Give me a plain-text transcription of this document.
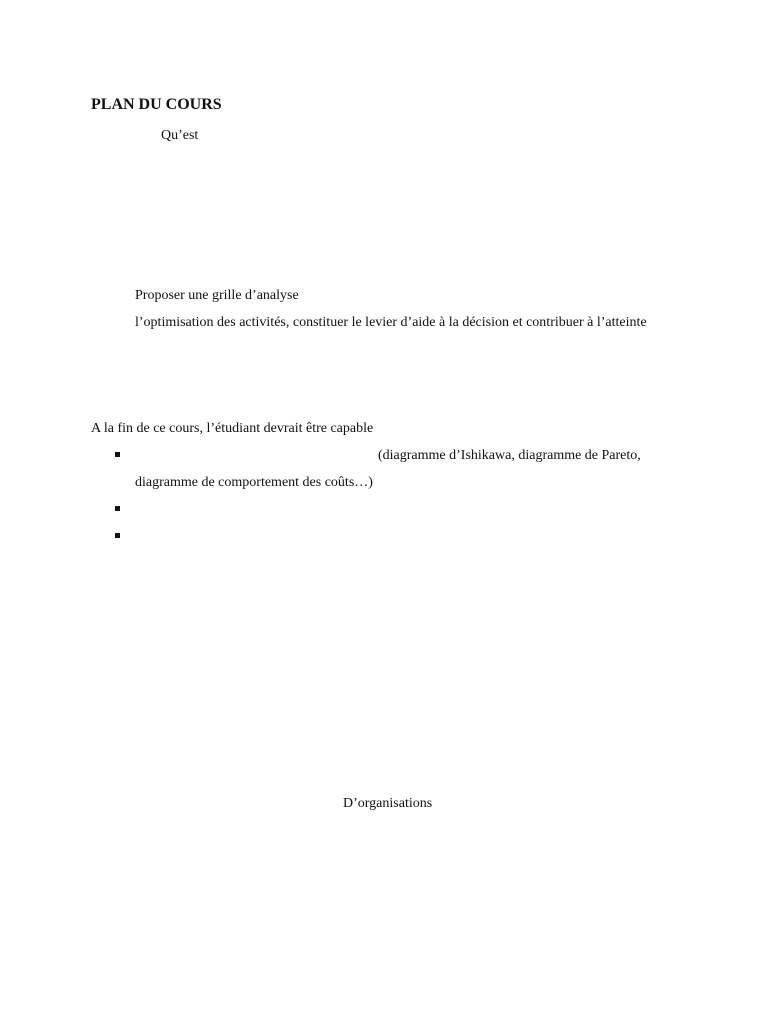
PLAN DU COURS
Qu’est
Proposer une grille d’analyse
l’optimisation des activités, constituer le levier d’aide à la décision et contribuer à l’atteinte
A la fin de ce cours, l’étudiant devrait être capable
(diagramme d’Ishikawa, diagramme de Pareto,
diagramme de comportement des coûts…)
D’organisations
